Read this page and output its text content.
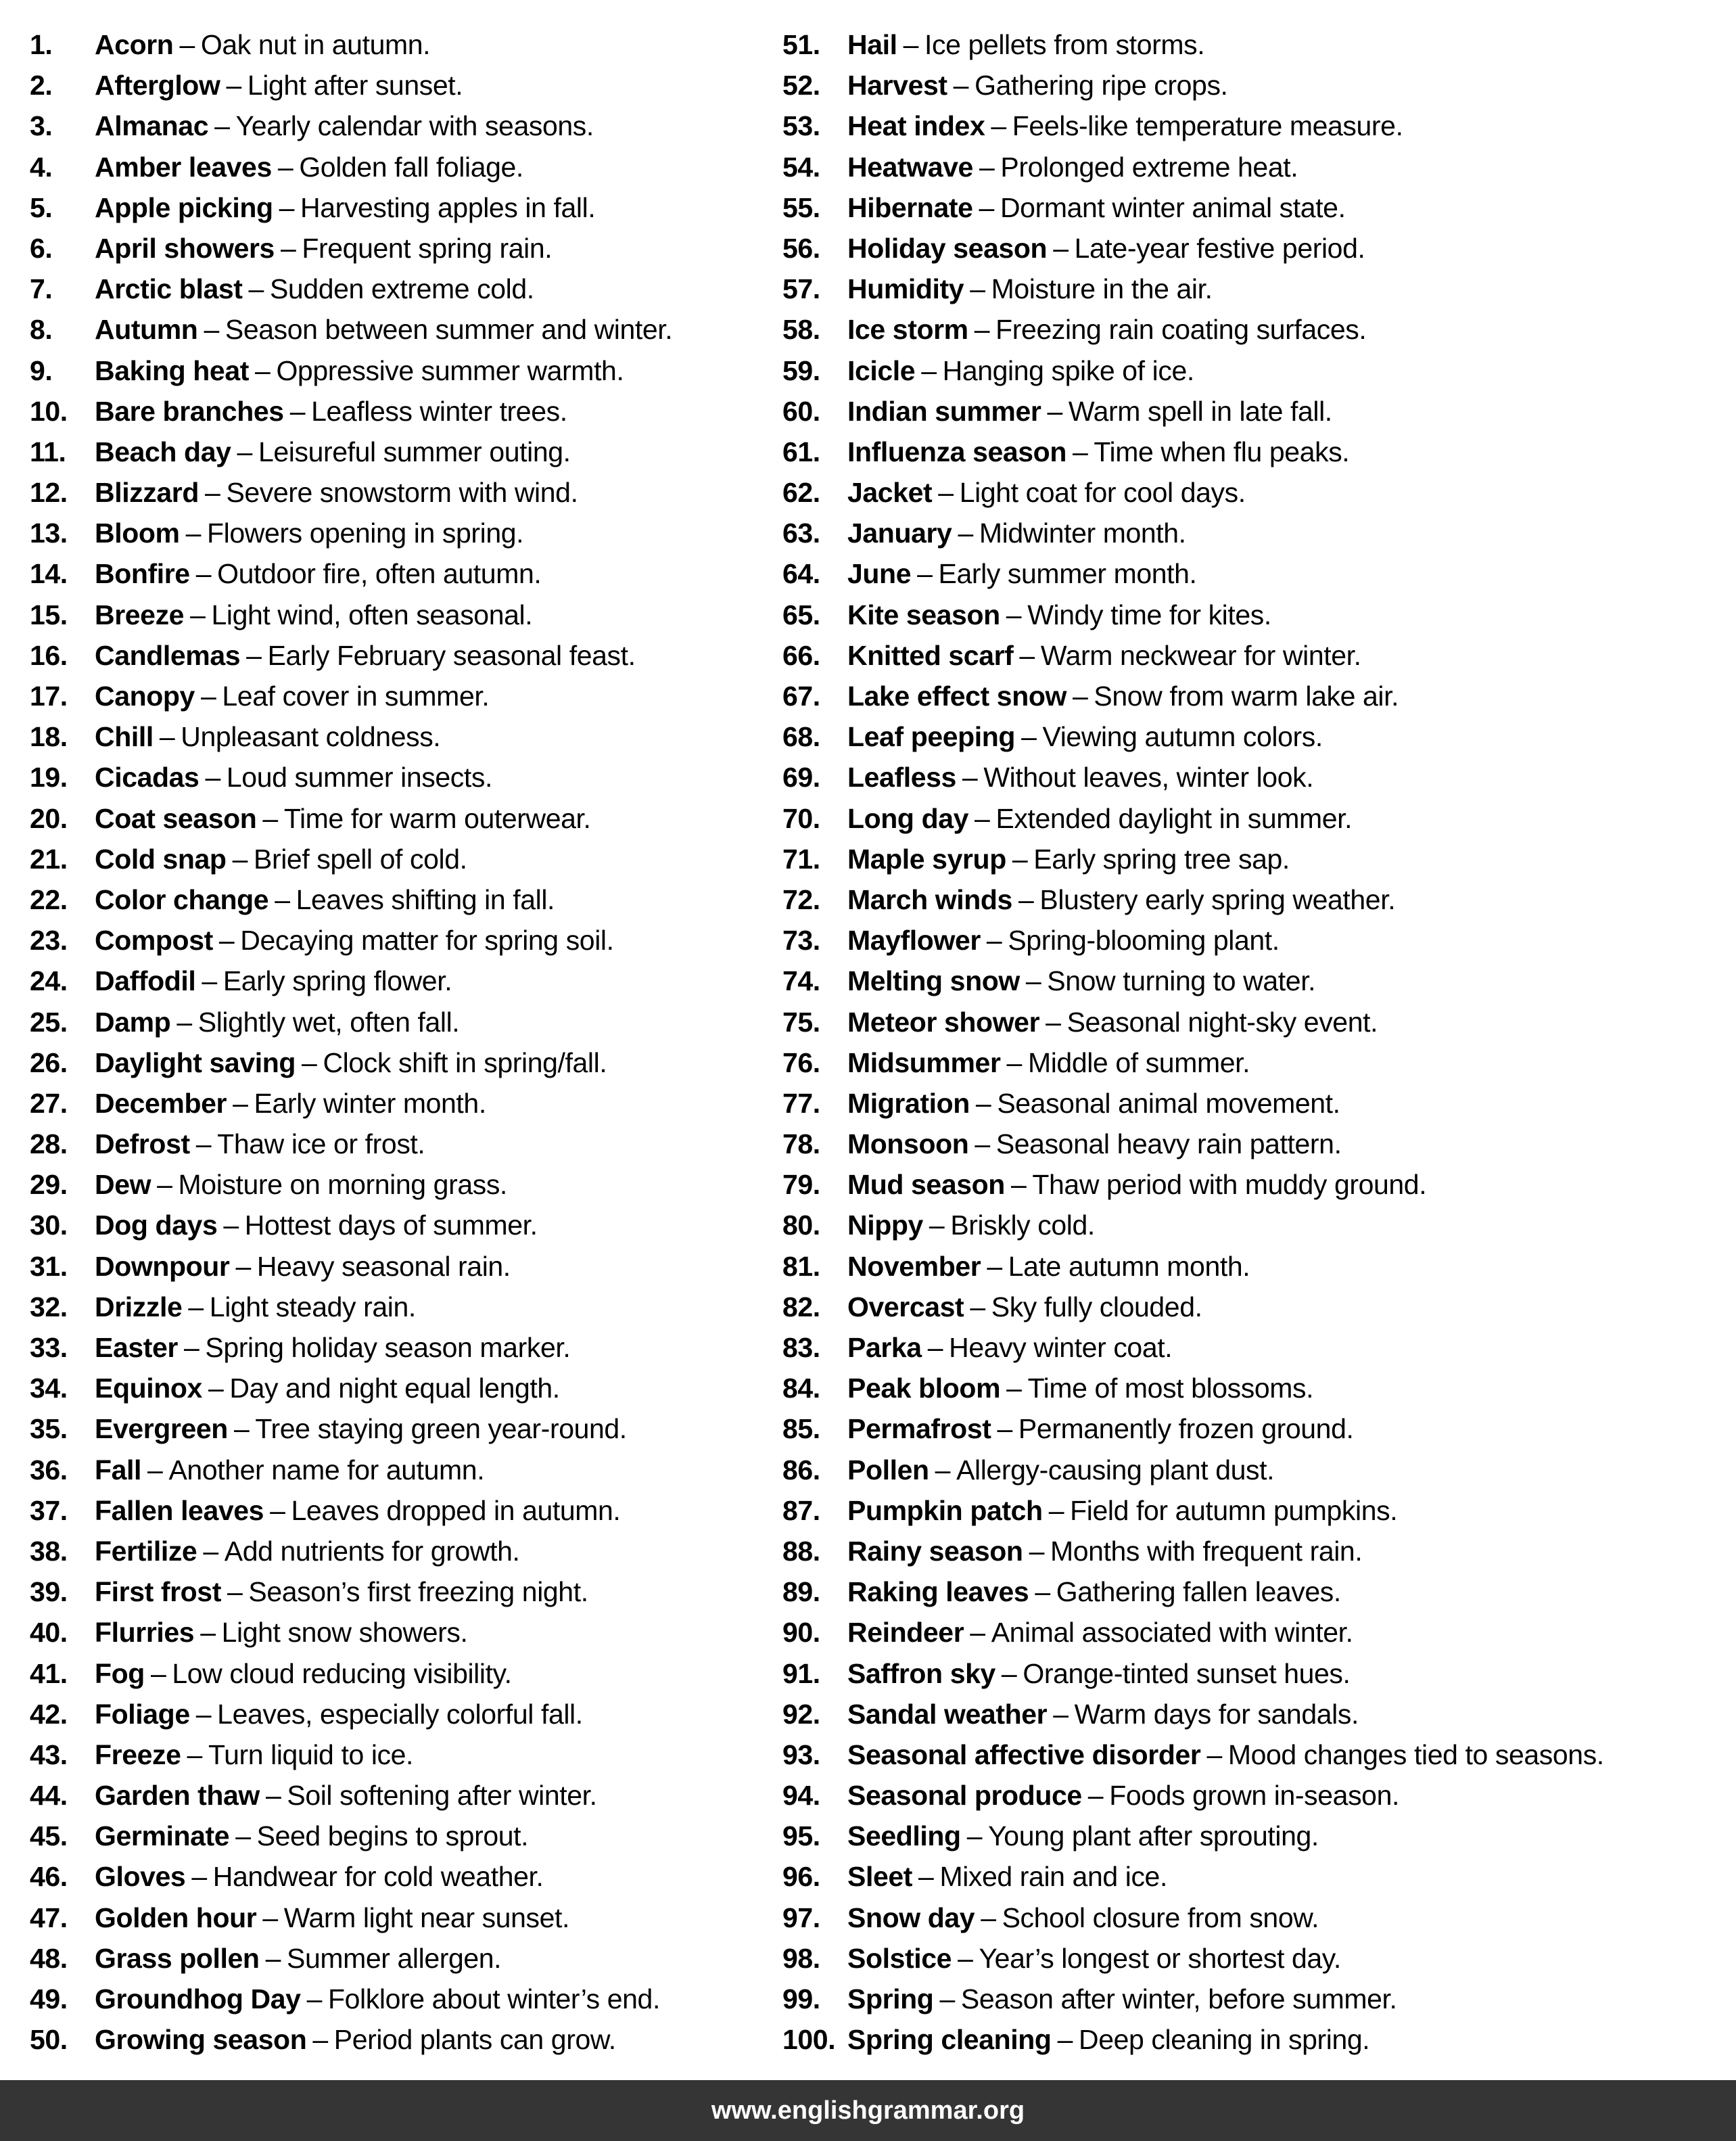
1.	Acorn – Oak nut in autumn.
2.	Afterglow – Light after sunset.
3.	Almanac – Yearly calendar with seasons.
4.	Amber leaves – Golden fall foliage.
5.	Apple picking – Harvesting apples in fall.
6.	April showers – Frequent spring rain.
7.	Arctic blast – Sudden extreme cold.
8.	Autumn – Season between summer and winter.
9.	Baking heat – Oppressive summer warmth.
10. Bare branches – Leafless winter trees.
11.	Beach day – Leisureful summer outing.
12. Blizzard – Severe snowstorm with wind.
13. Bloom – Flowers opening in spring.
14. Bonfire – Outdoor fire, often autumn.
15. Breeze – Light wind, often seasonal.
16. Candlemas – Early February seasonal feast.
17. Canopy – Leaf cover in summer.
18. Chill – Unpleasant coldness.
19. Cicadas – Loud summer insects.
20. Coat season – Time for warm outerwear.
21. Cold snap – Brief spell of cold.
22. Color change – Leaves shifting in fall.
23. Compost – Decaying matter for spring soil.
24. Daffodil – Early spring flower.
25. Damp – Slightly wet, often fall.
26. Daylight saving – Clock shift in spring/fall.
27. December – Early winter month.
28. Defrost – Thaw ice or frost.
29. Dew – Moisture on morning grass.
30. Dog days – Hottest days of summer.
31. Downpour – Heavy seasonal rain.
32. Drizzle – Light steady rain.
33. Easter – Spring holiday season marker.
34. Equinox – Day and night equal length.
35. Evergreen – Tree staying green year-round.
36. Fall – Another name for autumn.
37. Fallen leaves – Leaves dropped in autumn.
38. Fertilize – Add nutrients for growth.
39. First frost – Season’s first freezing night.
40. Flurries – Light snow showers.
41. Fog – Low cloud reducing visibility.
42. Foliage – Leaves, especially colorful fall.
43. Freeze – Turn liquid to ice.
44. Garden thaw – Soil softening after winter.
45. Germinate – Seed begins to sprout.
46. Gloves – Handwear for cold weather.
47. Golden hour – Warm light near sunset.
48. Grass pollen – Summer allergen.
49. Groundhog Day – Folklore about winter’s end.
50. Growing season – Period plants can grow.
51. Hail – Ice pellets from storms.
52. Harvest – Gathering ripe crops.
53. Heat index – Feels-like temperature measure.
54. Heatwave – Prolonged extreme heat.
55. Hibernate – Dormant winter animal state.
56. Holiday season – Late-year festive period.
57. Humidity – Moisture in the air.
58. Ice storm – Freezing rain coating surfaces.
59. Icicle – Hanging spike of ice.
60. Indian summer – Warm spell in late fall.
61. Influenza season – Time when flu peaks.
62. Jacket – Light coat for cool days.
63. January – Midwinter month.
64. June – Early summer month.
65. Kite season – Windy time for kites.
66. Knitted scarf – Warm neckwear for winter.
67. Lake effect snow – Snow from warm lake air.
68. Leaf peeping – Viewing autumn colors.
69. Leafless – Without leaves, winter look.
70. Long day – Extended daylight in summer.
71. Maple syrup – Early spring tree sap.
72. March winds – Blustery early spring weather.
73. Mayflower – Spring-blooming plant.
74. Melting snow – Snow turning to water.
75. Meteor shower – Seasonal night-sky event.
76. Midsummer – Middle of summer.
77. Migration – Seasonal animal movement.
78. Monsoon – Seasonal heavy rain pattern.
79. Mud season – Thaw period with muddy ground.
80. Nippy – Briskly cold.
81. November – Late autumn month.
82. Overcast – Sky fully clouded.
83. Parka – Heavy winter coat.
84. Peak bloom – Time of most blossoms.
85. Permafrost – Permanently frozen ground.
86. Pollen – Allergy-causing plant dust.
87. Pumpkin patch – Field for autumn pumpkins.
88. Rainy season – Months with frequent rain.
89. Raking leaves – Gathering fallen leaves.
90. Reindeer – Animal associated with winter.
91. Saffron sky – Orange-tinted sunset hues.
92. Sandal weather – Warm days for sandals.
93. Seasonal affective disorder – Mood changes tied to seasons.
94. Seasonal produce – Foods grown in-season.
95. Seedling – Young plant after sprouting.
96. Sleet – Mixed rain and ice.
97. Snow day – School closure from snow.
98. Solstice – Year’s longest or shortest day.
99. Spring – Season after winter, before summer.
100. Spring cleaning – Deep cleaning in spring.
www.englishgrammar.org
